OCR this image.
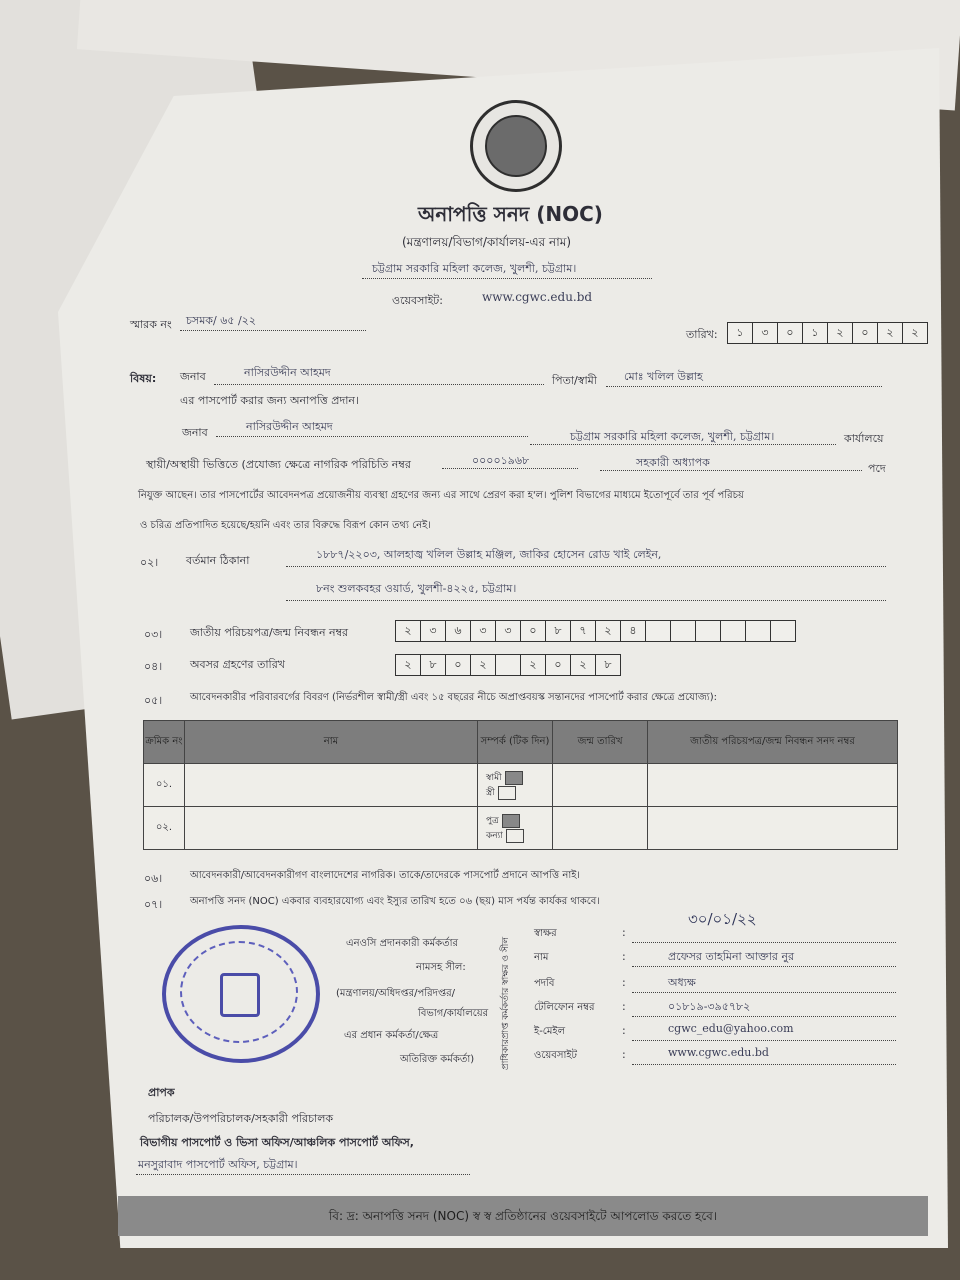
অনাপত্তি সনদ (NOC)
(মন্ত্রণালয়/বিভাগ/কার্যালয়-এর নাম)
চট্টগ্রাম সরকারি মহিলা কলেজ, খুলশী, চট্টগ্রাম।
ওয়েবসাইট:	www.cgwc.edu.bd
স্মারক নং চসমক/ ৬৫ /২২
তারিখ:	১	৩	০	১	২	০	২	২
বিষয়: জনাব	নাসিরউদ্দীন আহমদ
পিতা/স্বামী মোঃ খলিল উল্লাহ
এর পাসপোর্ট করার জন্য অনাপত্তি প্রদান।
জনাব	নাসিরউদ্দীন আহমদ
চট্টগ্রাম সরকারি মহিলা কলেজ, খুলশী, চট্টগ্রাম।	কার্যালয়ে
স্থায়ী/অস্থায়ী ভিত্তিতে (প্রযোজ্য ক্ষেত্রে নাগরিক পরিচিতি নম্বর	০০০০১৯৬৮	সহকারী অধ্যাপক	পদে
নিযুক্ত আছেন। তার পাসপোর্টের আবেদনপত্র প্রয়োজনীয় ব্যবস্থা গ্রহণের জন্য এর সাথে প্রেরণ করা হ'ল। পুলিশ বিভাগের মাধ্যমে ইতোপূর্বে তার পূর্ব পরিচয়
ও চরিত্র প্রতিপাদিত হয়েছে/হয়নি এবং তার বিরুদ্ধে বিরূপ কোন তথ্য নেই।
০২।	বর্তমান ঠিকানা	১৮৮৭/২২০৩, আলহাজ্ব খলিল উল্লাহ মঞ্জিল, জাকির হোসেন রোড খাই লেইন,
৮নং শুলকবহর ওয়ার্ড, খুলশী-৪২২৫, চট্টগ্রাম।
০৩।	জাতীয় পরিচয়পত্র/জন্ম নিবন্ধন নম্বর	২	৩	৬	৩	৩	০	৮	৭	২	৪
০৪।	অবসর গ্রহণের তারিখ	২	৮	০	২	২	০	২	৮
০৫।	আবেদনকারীর পরিবারবর্গের বিবরণ (নির্ভরশীল স্বামী/স্ত্রী এবং ১৫ বছরের নীচে অপ্রাপ্তবয়স্ক সন্তানদের পাসপোর্ট করার ক্ষেত্রে প্রযোজ্য):
ক্রমিক নং	নাম	সম্পর্ক (টিক দিন)	জন্ম তারিখ	জাতীয় পরিচয়পত্র/জন্ম নিবন্ধন সনদ নম্বর
০১.		স্বামী
স্ত্রী		

০২.		পুত্র
কন্যা		

০৬।	আবেদনকারী/আবেদনকারীগণ বাংলাদেশের নাগরিক। তাকে/তাদেরকে পাসপোর্ট প্রদানে আপত্তি নাই।
০৭।	অনাপত্তি সনদ (NOC) একবার ব্যবহারযোগ্য এবং ইস্যুর তারিখ হতে ০৬ (ছয়) মাস পর্যন্ত কার্যকর থাকবে।
৩০/০১/২২
এনওসি প্রদানকারী কর্মকর্তার
নামসহ সীল:
(মন্ত্রণালয়/অধিদপ্তর/পরিদপ্তর/
বিভাগ/কার্যালয়ের
এর প্রধান কর্মকর্তা/ক্ষেত্র
অতিরিক্ত কর্মকর্তা)	প্রাধিকারপ্রাপ্ত কর্মকর্তার স্বাক্ষর ও সীল
স্বাক্ষর	:
নাম	:	প্রফেসর তাহমিনা আক্তার নুর
পদবি	:	অধ্যক্ষ
টেলিফোন নম্বর :	০১৮১৯-৩৯৫৭৮২
ই-মেইল	:	cgwc_edu@yahoo.com
ওয়েবসাইট	:	www.cgwc.edu.bd
প্রাপক
পরিচালক/উপপরিচালক/সহকারী পরিচালক
বিভাগীয় পাসপোর্ট ও ভিসা অফিস/আঞ্চলিক পাসপোর্ট অফিস,
মনসুরাবাদ পাসপোর্ট অফিস, চট্টগ্রাম।
বি: দ্র: অনাপত্তি সনদ (NOC) স্ব স্ব প্রতিষ্ঠানের ওয়েবসাইটে আপলোড করতে হবে।
